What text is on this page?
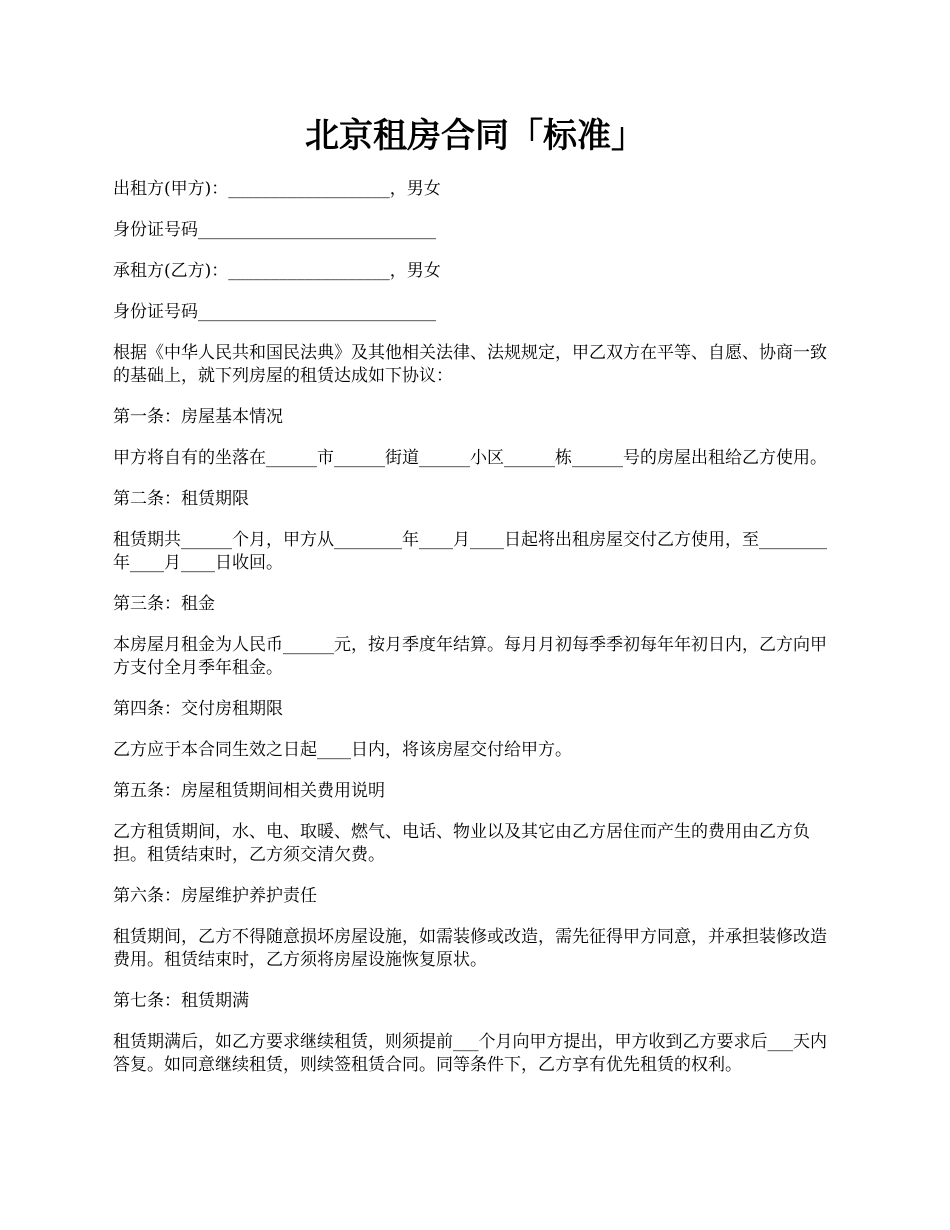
北京租房合同「标准」

出租方(甲方)：___________________，男女

身份证号码____________________________

承租方(乙方)：___________________，男女

身份证号码____________________________

根据《中华人民共和国民法典》及其他相关法律、法规规定，甲乙双方在平等、自愿、协商一致的基础上，就下列房屋的租赁达成如下协议：

第一条：房屋基本情况

甲方将自有的坐落在______市______街道______小区______栋______号的房屋出租给乙方使用。

第二条：租赁期限

租赁期共______个月，甲方从________年____月____日起将出租房屋交付乙方使用，至________年____月____日收回。

第三条：租金

本房屋月租金为人民币______元，按月季度年结算。每月月初每季季初每年年初日内，乙方向甲方支付全月季年租金。

第四条：交付房租期限

乙方应于本合同生效之日起____日内，将该房屋交付给甲方。

第五条：房屋租赁期间相关费用说明

乙方租赁期间，水、电、取暖、燃气、电话、物业以及其它由乙方居住而产生的费用由乙方负担。租赁结束时，乙方须交清欠费。

第六条：房屋维护养护责任

租赁期间，乙方不得随意损坏房屋设施，如需装修或改造，需先征得甲方同意，并承担装修改造费用。租赁结束时，乙方须将房屋设施恢复原状。

第七条：租赁期满

租赁期满后，如乙方要求继续租赁，则须提前___个月向甲方提出，甲方收到乙方要求后___天内答复。如同意继续租赁，则续签租赁合同。同等条件下，乙方享有优先租赁的权利。
